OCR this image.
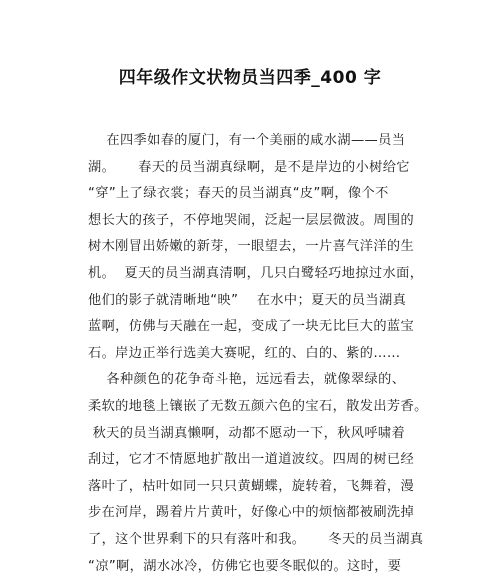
四年级作文状物员当四季_400 字
在四季如春的厦门，有一个美丽的咸水湖——员当
湖。     春天的员当湖真绿啊，是不是岸边的小树给它
“穿”上了绿衣裳；春天的员当湖真“皮”啊，像个不
想长大的孩子，不停地哭闹，泛起一层层微波。周围的
树木刚冒出娇嫩的新芽，一眼望去，一片喜气洋洋的生
机。  夏天的员当湖真清啊，几只白鹭轻巧地掠过水面，
他们的影子就清晰地“映”    在水中；夏天的员当湖真
蓝啊，仿佛与天融在一起，变成了一块无比巨大的蓝宝
石。岸边正举行选美大赛呢，红的、白的、紫的……
各种颜色的花争奇斗艳，远远看去，就像翠绿的、
柔软的地毯上镶嵌了无数五颜六色的宝石，散发出芳香。
秋天的员当湖真懒啊，动都不愿动一下，秋风呼啸着
刮过，它才不情愿地扩散出一道道波纹。四周的树已经
落叶了，枯叶如同一只只黄蝴蝶，旋转着，飞舞着，漫
步在河岸，踢着片片黄叶，好像心中的烦恼都被刷洗掉
了，这个世界剩下的只有落叶和我。     冬天的员当湖真
“凉”啊，湖水冰冷，仿佛它也要冬眠似的。这时，要
